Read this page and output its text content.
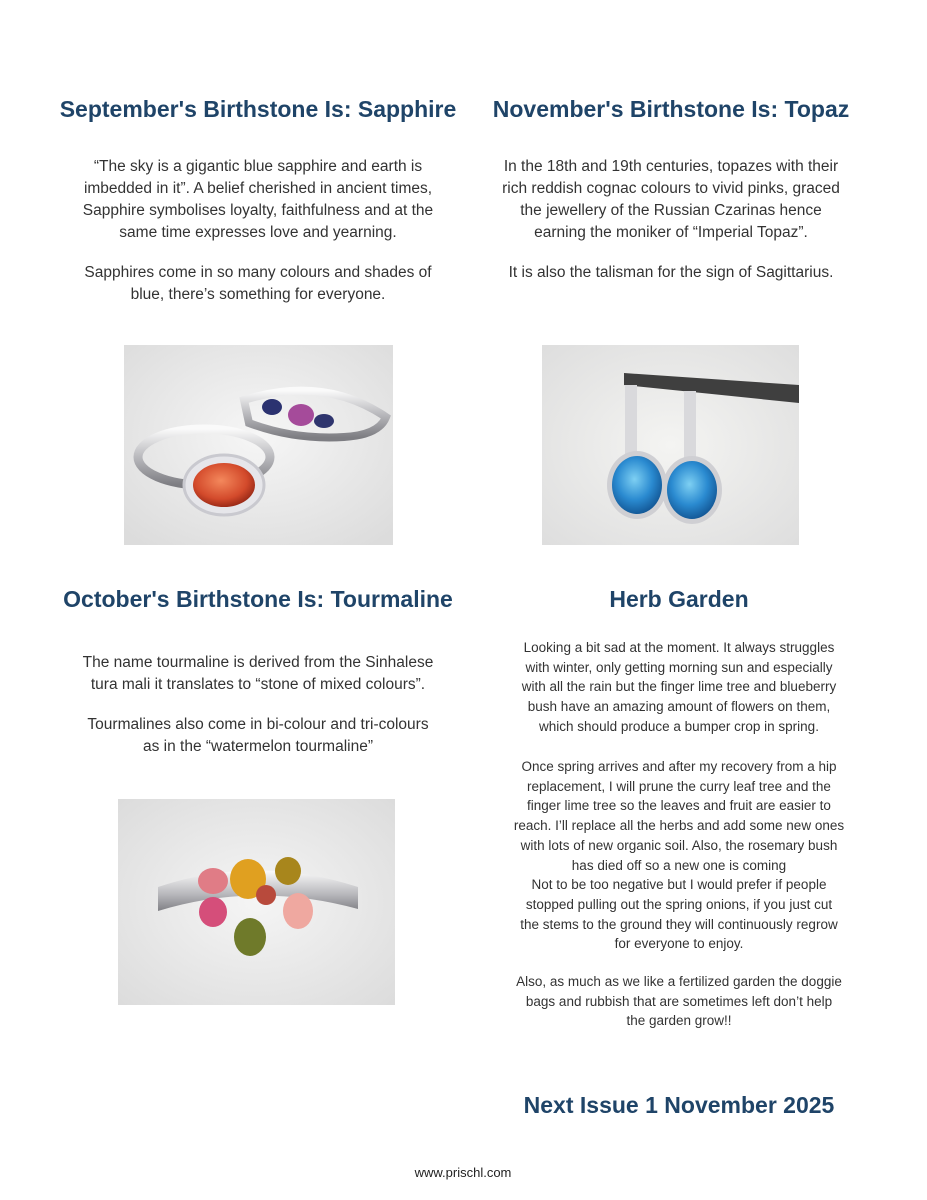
September's Birthstone Is: Sapphire

“The sky is a gigantic blue sapphire and earth is
imbedded in it”. A belief cherished in ancient times,
Sapphire symbolises loyalty, faithfulness and at the
same time expresses love and yearning.

Sapphires come in so many colours and shades of
blue, there’s something for everyone.

November's Birthstone Is: Topaz

In the 18th and 19th centuries, topazes with their
rich reddish cognac colours to vivid pinks, graced
the jewellery of the Russian Czarinas hence
earning the moniker of “Imperial Topaz”.

It is also the talisman for the sign of Sagittarius.

October's Birthstone Is: Tourmaline

The name tourmaline is derived from the Sinhalese
tura mali it translates to “stone of mixed colours”.

Tourmalines also come in bi-colour and tri-colours
as in the “watermelon tourmaline”

Herb Garden

Looking a bit sad at the moment. It always struggles
with winter, only getting morning sun and especially
with all the rain but the finger lime tree and blueberry
bush have an amazing amount of flowers on them,
which should produce a bumper crop in spring.

Once spring arrives and after my recovery from a hip
replacement, I will prune the curry leaf tree and the
finger lime tree so the leaves and fruit are easier to
reach. I’ll replace all the herbs and add some new ones
with lots of new organic soil. Also, the rosemary bush
has died off so a new one is coming
Not to be too negative but I would prefer if people
stopped pulling out the spring onions, if you just cut
the stems to the ground they will continuously regrow
for everyone to enjoy.

Also, as much as we like a fertilized garden the doggie
bags and rubbish that are sometimes left don’t help
the garden grow!!

Next Issue 1 November 2025
www.prischl.com
